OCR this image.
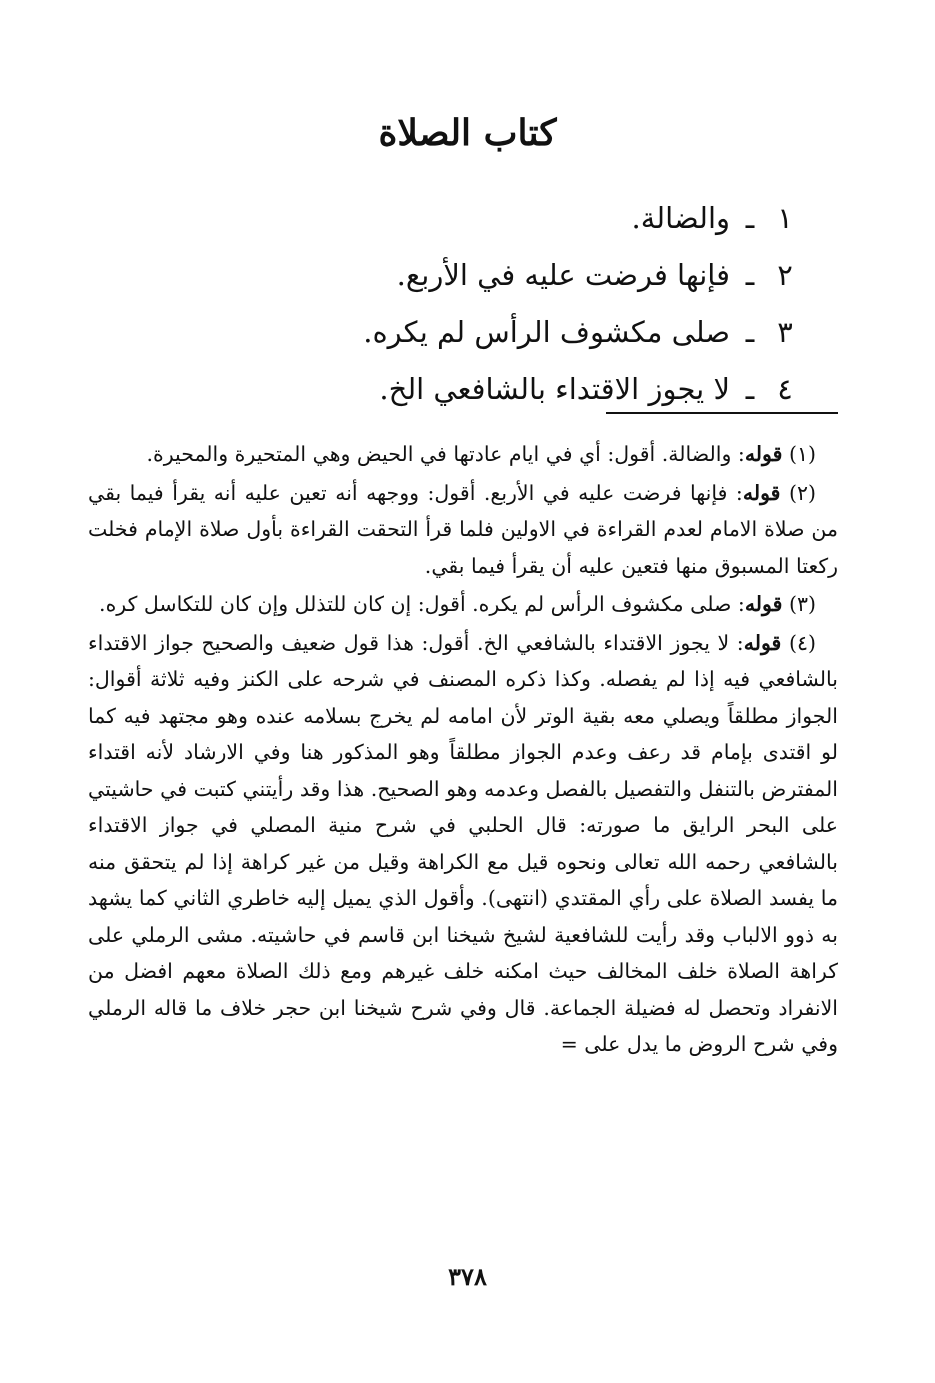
كتاب الصلاة
١ـوالضالة.
٢ـفإنها فرضت عليه في الأربع.
٣ـصلى مكشوف الرأس لم يكره.
٤ـلا يجوز الاقتداء بالشافعي الخ.

(١) قوله: والضالة. أقول: أي في ايام عادتها في الحيض وهي المتحيرة والمحيرة.

(٢) قوله: فإنها فرضت عليه في الأربع. أقول: ووجهه أنه تعين عليه أنه يقرأ فيما بقي من صلاة الامام لعدم القراءة في الاولين فلما قرأ التحقت القراءة بأول صلاة الإمام فخلت ركعتا المسبوق منها فتعين عليه أن يقرأ فيما بقي.

(٣) قوله: صلى مكشوف الرأس لم يكره. أقول: إن كان للتذلل وإن كان للتكاسل كره.

(٤) قوله: لا يجوز الاقتداء بالشافعي الخ. أقول: هذا قول ضعيف والصحيح جواز الاقتداء بالشافعي فيه إذا لم يفصله. وكذا ذكره المصنف في شرحه على الكنز وفيه ثلاثة أقوال: الجواز مطلقاً ويصلي معه بقية الوتر لأن امامه لم يخرج بسلامه عنده وهو مجتهد فيه كما لو اقتدى بإمام قد رعف وعدم الجواز مطلقاً وهو المذكور هنا وفي الارشاد لأنه اقتداء المفترض بالتنفل والتفصيل بالفصل وعدمه وهو الصحيح. هذا وقد رأيتني كتبت في حاشيتي على البحر الرايق ما صورته: قال الحلبي في شرح منية المصلي في جواز الاقتداء بالشافعي رحمه الله تعالى ونحوه قيل مع الكراهة وقيل من غير كراهة إذا لم يتحقق منه ما يفسد الصلاة على رأي المقتدي (انتهى). وأقول الذي يميل إليه خاطري الثاني كما يشهد به ذوو الالباب وقد رأيت للشافعية لشيخ شيخنا ابن قاسم في حاشيته. مشى الرملي على كراهة الصلاة خلف المخالف حيث امكنه خلف غيرهم ومع ذلك الصلاة معهم افضل من الانفراد وتحصل له فضيلة الجماعة. قال وفي شرح شيخنا ابن حجر خلاف ما قاله الرملي وفي شرح الروض ما يدل على =

٣٧٨
